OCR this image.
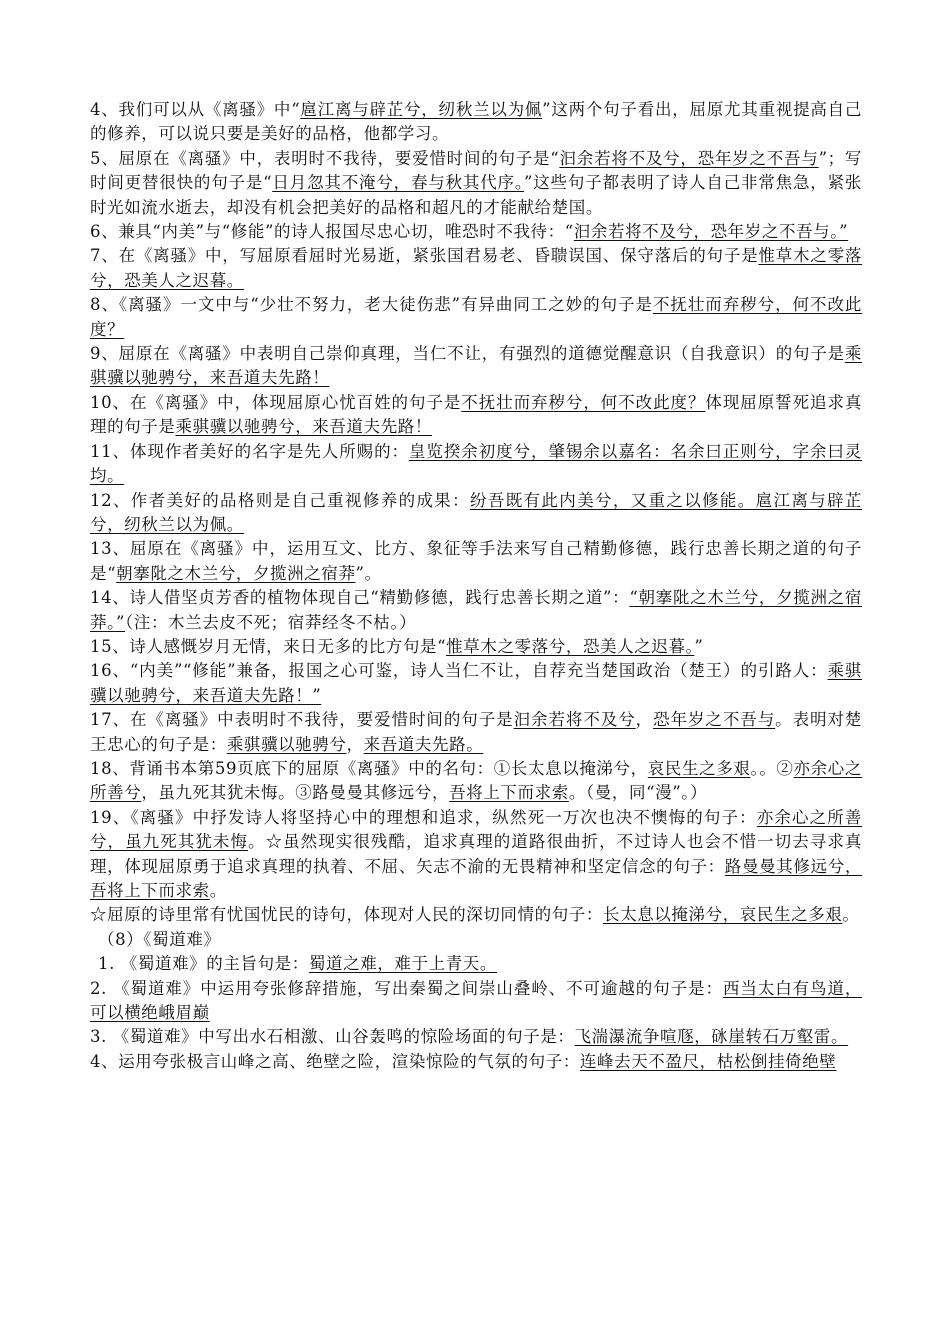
4、我们可以从《离骚》中“扈江离与辟芷兮，纫秋兰以为佩”这两个句子看出，屈原尤其重视提高自己的修养，可以说只要是美好的品格，他都学习。

5、屈原在《离骚》中，表明时不我待，要爱惜时间的句子是“汩余若将不及兮，恐年岁之不吾与”；写时间更替很快的句子是“日月忽其不淹兮，春与秋其代序。”这些句子都表明了诗人自己非常焦急，紧张时光如流水逝去，却没有机会把美好的品格和超凡的才能献给楚国。

6、兼具“内美”与“修能”的诗人报国尽忠心切，唯恐时不我待：“汩余若将不及兮，恐年岁之不吾与。”

7、在《离骚》中，写屈原看屈时光易逝，紧张国君易老、昏聩误国、保守落后的句子是惟草木之零落兮，恐美人之迟暮。

8、《离骚》一文中与“少壮不努力，老大徒伤悲”有异曲同工之妙的句子是不抚壮而弃秽兮，何不改此度？

9、屈原在《离骚》中表明自己崇仰真理，当仁不让，有强烈的道德觉醒意识（自我意识）的句子是乘骐骥以驰骋兮，来吾道夫先路！

10、在《离骚》中，体现屈原心忧百姓的句子是不抚壮而弃秽兮，何不改此度？体现屈原誓死追求真理的句子是乘骐骥以驰骋兮，来吾道夫先路！

11、体现作者美好的名字是先人所赐的：皇览揆余初度兮，肇锡余以嘉名：名余曰正则兮，字余曰灵均。

12、作者美好的品格则是自己重视修养的成果：纷吾既有此内美兮，又重之以修能。扈江离与辟芷兮，纫秋兰以为佩。

13、屈原在《离骚》中，运用互文、比方、象征等手法来写自己精勤修德，践行忠善长期之道的句子是“朝搴阰之木兰兮，夕揽洲之宿莽”。

14、诗人借坚贞芳香的植物体现自己“精勤修德，践行忠善长期之道”：“朝搴阰之木兰兮，夕揽洲之宿莽。”（注：木兰去皮不死；宿莽经冬不枯。）

15、诗人感慨岁月无情，来日无多的比方句是“惟草木之零落兮，恐美人之迟暮。”

16、“内美”“修能”兼备，报国之心可鉴，诗人当仁不让，自荐充当楚国政治（楚王）的引路人：乘骐骥以驰骋兮，来吾道夫先路！”

17、在《离骚》中表明时不我待，要爱惜时间的句子是汩余若将不及兮，恐年岁之不吾与。表明对楚王忠心的句子是：乘骐骥以驰骋兮，来吾道夫先路。

18、背诵书本第59页底下的屈原《离骚》中的名句：①长太息以掩涕兮，哀民生之多艰。。②亦余心之所善兮，虽九死其犹未悔。③路曼曼其修远兮，吾将上下而求索。（曼，同“漫”。）

19、《离骚》中抒发诗人将坚持心中的理想和追求，纵然死一万次也决不懊悔的句子：亦余心之所善兮，虽九死其犹未悔。☆虽然现实很残酷，追求真理的道路很曲折，不过诗人也会不惜一切去寻求真理，体现屈原勇于追求真理的执着、不屈、矢志不渝的无畏精神和坚定信念的句子：路曼曼其修远兮，吾将上下而求索。

☆屈原的诗里常有忧国忧民的诗句，体现对人民的深切同情的句子：长太息以掩涕兮，哀民生之多艰。

（8）《蜀道难》

1. 《蜀道难》的主旨句是：蜀道之难，难于上青天。

2. 《蜀道难》中运用夸张修辞措施，写出秦蜀之间崇山叠岭、不可逾越的句子是：西当太白有鸟道，可以横绝峨眉巅

3. 《蜀道难》中写出水石相激、山谷轰鸣的惊险场面的句子是：飞湍瀑流争喧豗，砯崖转石万壑雷。

4、运用夸张极言山峰之高、绝壁之险，渲染惊险的气氛的句子：连峰去天不盈尺，枯松倒挂倚绝壁
